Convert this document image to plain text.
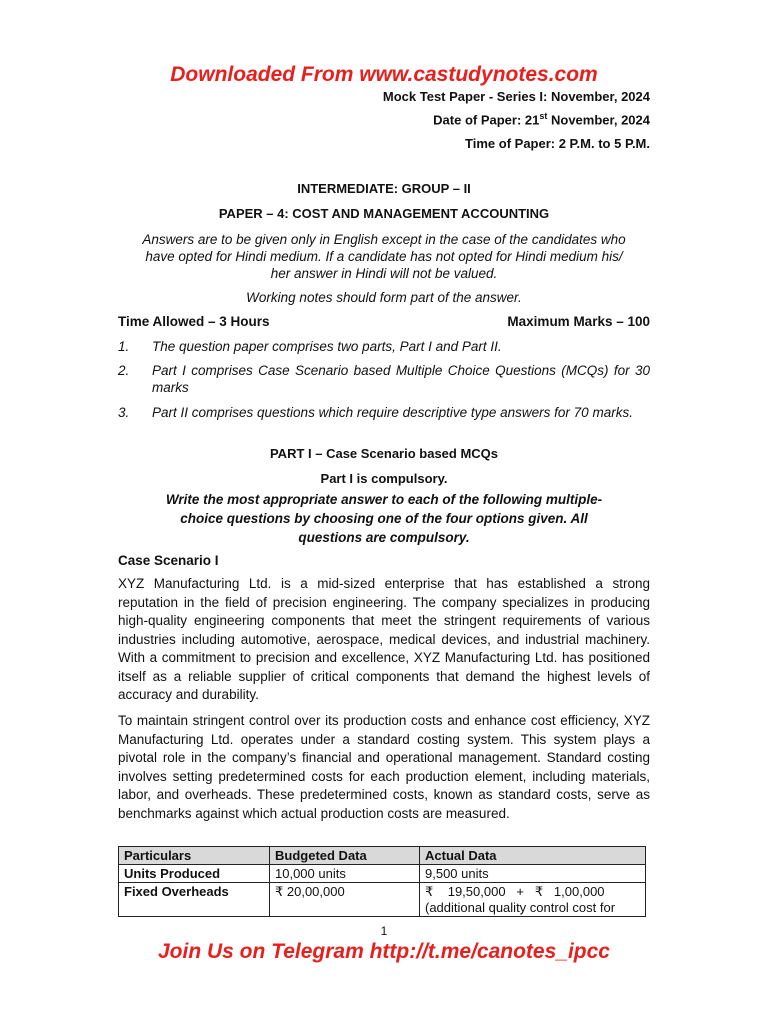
Downloaded From www.castudynotes.com
Mock Test Paper - Series I: November, 2024
Date of Paper: 21st November, 2024
Time of Paper: 2 P.M. to 5 P.M.
INTERMEDIATE: GROUP – II
PAPER – 4: COST AND MANAGEMENT ACCOUNTING
Answers are to be given only in English except in the case of the candidates who
have opted for Hindi medium. If a candidate has not opted for Hindi medium his/
her answer in Hindi will not be valued.
Working notes should form part of the answer.
Time Allowed – 3 Hours	Maximum Marks – 100
1. The question paper comprises two parts, Part I and Part II.
2. Part I comprises Case Scenario based Multiple Choice Questions (MCQs) for 30 marks
3. Part II comprises questions which require descriptive type answers for 70 marks.
PART I – Case Scenario based MCQs
Part I is compulsory.
Write the most appropriate answer to each of the following multiple-
choice questions by choosing one of the four options given. All
questions are compulsory.
Case Scenario I
XYZ Manufacturing Ltd. is a mid-sized enterprise that has established a strong reputation in the field of precision engineering. The company specializes in producing high-quality engineering components that meet the stringent requirements of various industries including automotive, aerospace, medical devices, and industrial machinery. With a commitment to precision and excellence, XYZ Manufacturing Ltd. has positioned itself as a reliable supplier of critical components that demand the highest levels of accuracy and durability.
To maintain stringent control over its production costs and enhance cost efficiency, XYZ Manufacturing Ltd. operates under a standard costing system. This system plays a pivotal role in the company’s financial and operational management. Standard costing involves setting predetermined costs for each production element, including materials, labor, and overheads. These predetermined costs, known as standard costs, serve as benchmarks against which actual production costs are measured.
Particulars	Budgeted Data	Actual Data
Units Produced	10,000 units	9,500 units
Fixed Overheads	₹ 20,00,000	₹    19,50,000   +   ₹   1,00,000 (additional quality control cost for
1
Join Us on Telegram http://t.me/canotes_ipcc
